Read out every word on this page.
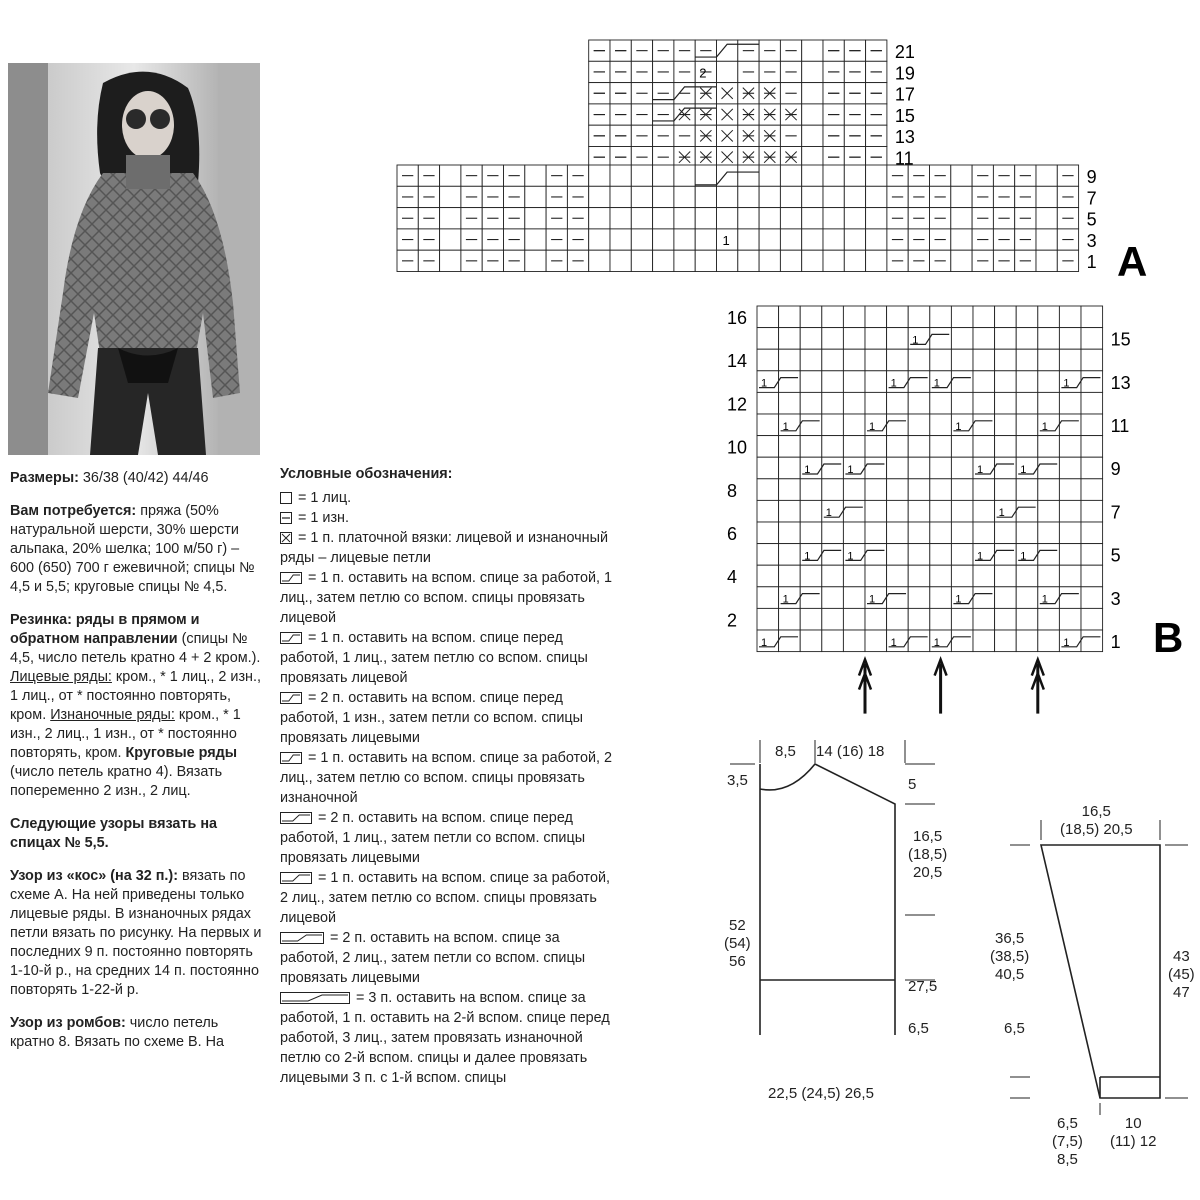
Размеры: 36/38 (40/42) 44/46

Вам потребуется: пряжа (50% натуральной шерсти, 30% шерсти альпака, 20% шелка; 100 м/50 г) – 600 (650) 700 г ежевичной; спицы № 4,5 и 5,5; круговые спицы № 4,5.

Резинка: ряды в прямом и обратном направлении (спицы № 4,5, число петель кратно 4 + 2 кром.). Лицевые ряды: кром., * 1 лиц., 2 изн., 1 лиц., от * постоянно повторять, кром. Изнаночные ряды: кром., * 1 изн., 2 лиц., 1 изн., от * постоянно повторять, кром. Круговые ряды (число петель кратно 4). Вязать попеременно 2 изн., 2 лиц.

Следующие узоры вязать на спицах № 5,5.

Узор из «кос» (на 32 п.): вязать по схеме А. На ней приведены только лицевые ряды. В изнаночных рядах петли вязать по рисунку. На первых и последних 9 п. постоянно повторять 1-10-й р., на средних 14 п. постоянно повторять 1-22-й р.

Узор из ромбов: число петель кратно 8. Вязать по схеме В. На

Условные обозначения:

= 1 лиц.

= 1 изн.

= 1 п. платочной вязки: лицевой и изнаночный ряды – лицевые петли

= 1 п. оставить на вспом. спице за работой, 1 лиц., затем петлю со вспом. спицы провязать лицевой

= 1 п. оставить на вспом. спице перед работой, 1 лиц., затем петлю со вспом. спицы провязать лицевой

= 2 п. оставить на вспом. спице перед работой, 1 изн., затем петли со вспом. спицы провязать лицевыми

= 1 п. оставить на вспом. спице за работой, 2 лиц., затем петлю со вспом. спицы провязать изнаночной

= 2 п. оставить на вспом. спице перед работой, 1 лиц., затем петли со вспом. спицы провязать лицевыми

= 1 п. оставить на вспом. спице за работой, 2 лиц., затем петлю со вспом. спицы провязать лицевой

= 2 п. оставить на вспом. спице за работой, 2 лиц., затем петли со вспом. спицы провязать лицевыми

= 3 п. оставить на вспом. спице за работой, 1 п. оставить на 2-й вспом. спице перед работой, 3 лиц., затем провязать изнаночной петлю со 2-й вспом. спицы и далее провязать лицевыми 3 п. с 1-й вспом. спицы

2
1
21
19
17
15
13
11
9
7
5
3
1 A
1
1	1	1	1
1	1
1
1
1	1	1	1
1	1
1	1	1	1
1	1	1	1
1	1	1	1
16
14
12
10
8
6
4
2
15
13
11
9
7
5
3
1 B
8,5 14 (16) 18
3,5	5
16,5
(18,5)
20,5
52
(54)
56
27,5
6,5
22,5 (24,5) 26,5
16,5
(18,5) 20,5
36,5
(38,5)
40,5
43
(45)
47
6,5
6,5
(7,5)
8,5
10
(11) 12
